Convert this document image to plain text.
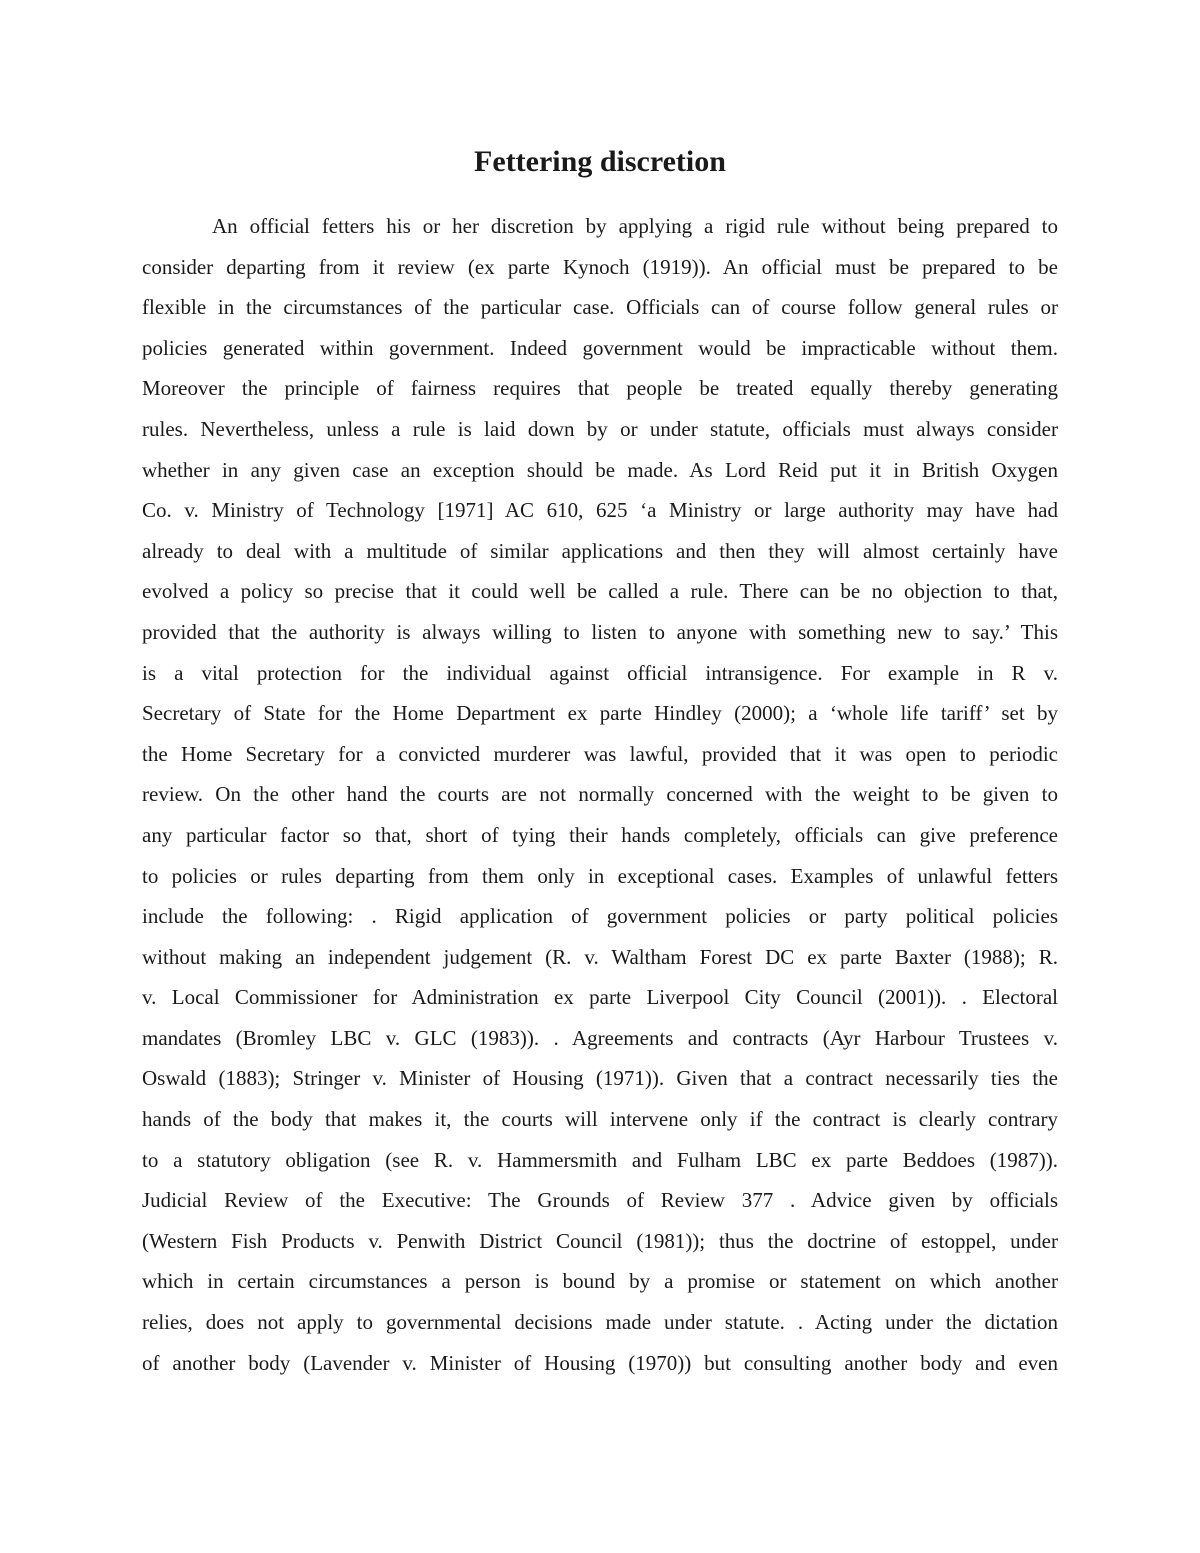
Fettering discretion
An official fetters his or her discretion by applying a rigid rule without being prepared to
consider departing from it review (ex parte Kynoch (1919)). An official must be prepared to be
flexible in the circumstances of the particular case. Officials can of course follow general rules or
policies generated within government. Indeed government would be impracticable without them.
Moreover the principle of fairness requires that people be treated equally thereby generating
rules. Nevertheless, unless a rule is laid down by or under statute, officials must always consider
whether in any given case an exception should be made. As Lord Reid put it in British Oxygen
Co. v. Ministry of Technology [1971] AC 610, 625 ‘a Ministry or large authority may have had
already to deal with a multitude of similar applications and then they will almost certainly have
evolved a policy so precise that it could well be called a rule. There can be no objection to that,
provided that the authority is always willing to listen to anyone with something new to say.’ This
is a vital protection for the individual against official intransigence. For example in R v.
Secretary of State for the Home Department ex parte Hindley (2000); a ‘whole life tariff’ set by
the Home Secretary for a convicted murderer was lawful, provided that it was open to periodic
review. On the other hand the courts are not normally concerned with the weight to be given to
any particular factor so that, short of tying their hands completely, officials can give preference
to policies or rules departing from them only in exceptional cases. Examples of unlawful fetters
include the following: . Rigid application of government policies or party political policies
without making an independent judgement (R. v. Waltham Forest DC ex parte Baxter (1988); R.
v. Local Commissioner for Administration ex parte Liverpool City Council (2001)). . Electoral
mandates (Bromley LBC v. GLC (1983)). . Agreements and contracts (Ayr Harbour Trustees v.
Oswald (1883); Stringer v. Minister of Housing (1971)). Given that a contract necessarily ties the
hands of the body that makes it, the courts will intervene only if the contract is clearly contrary
to a statutory obligation (see R. v. Hammersmith and Fulham LBC ex parte Beddoes (1987)).
Judicial Review of the Executive: The Grounds of Review 377 . Advice given by officials
(Western Fish Products v. Penwith District Council (1981)); thus the doctrine of estoppel, under
which in certain circumstances a person is bound by a promise or statement on which another
relies, does not apply to governmental decisions made under statute. . Acting under the dictation
of another body (Lavender v. Minister of Housing (1970)) but consulting another body and even
